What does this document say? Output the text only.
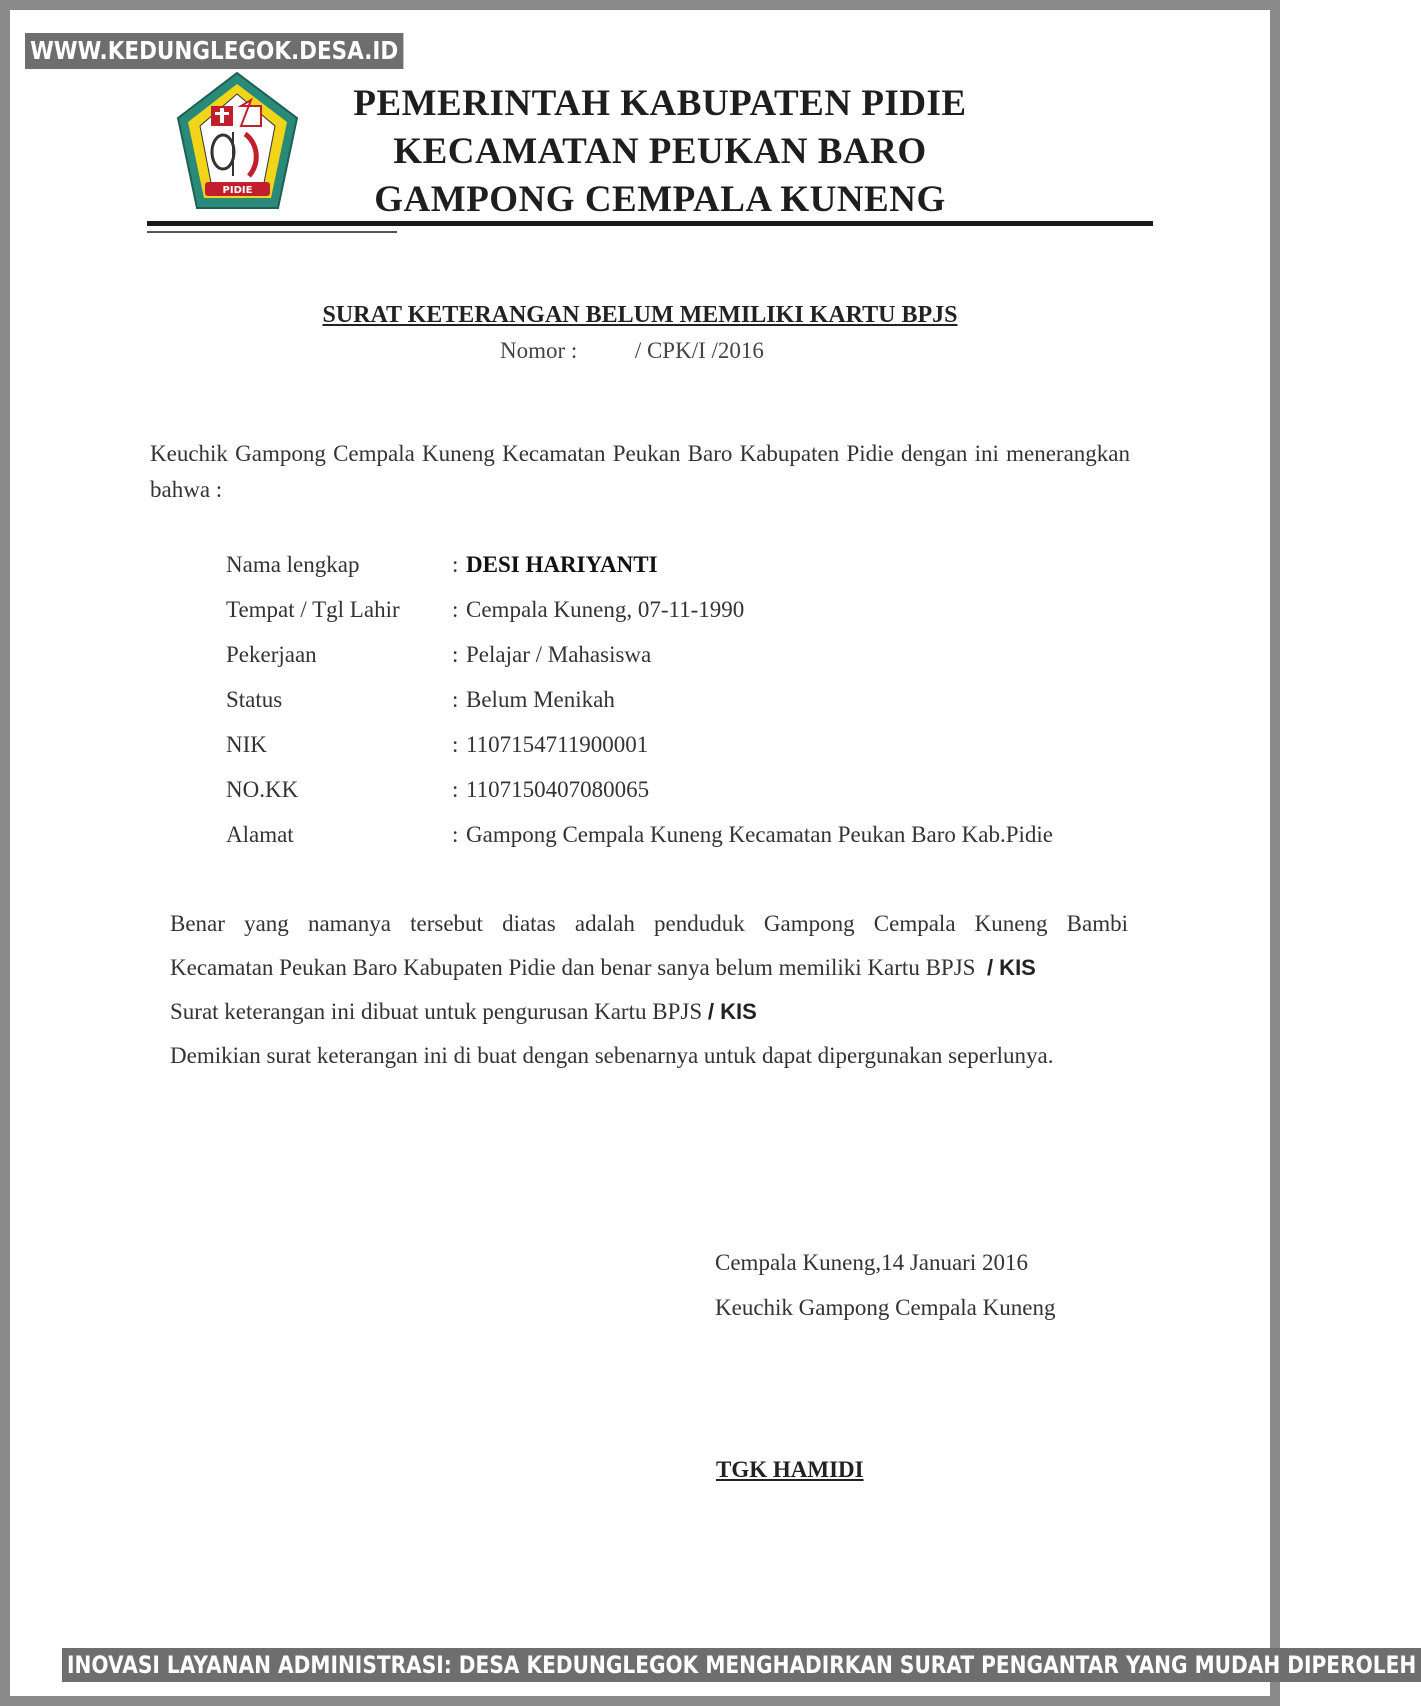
WWW.KEDUNGLEGOK.DESA.ID
PIDIE
PEMERINTAH KABUPATEN PIDIE
KECAMATAN PEUKAN BARO
GAMPONG CEMPALA KUNENG
SURAT KETERANGAN BELUM MEMILIKI KARTU BPJS
Nomor :	/ CPK/I /2016
Keuchik Gampong Cempala Kuneng Kecamatan Peukan Baro Kabupaten Pidie dengan ini menerangkan bahwa :
Nama lengkap	: DESI HARIYANTI
Tempat / Tgl Lahir	: Cempala Kuneng, 07-11-1990
Pekerjaan	: Pelajar / Mahasiswa
Status	: Belum Menikah
NIK	: 1107154711900001
NO.KK	: 1107150407080065
Alamat	: Gampong Cempala Kuneng Kecamatan Peukan Baro Kab.Pidie
Benar yang namanya tersebut diatas adalah penduduk Gampong Cempala Kuneng Bambi
Kecamatan Peukan Baro Kabupaten Pidie dan benar sanya belum memiliki Kartu BPJS / KIS
Surat keterangan ini dibuat untuk pengurusan Kartu BPJS / KIS
Demikian surat keterangan ini di buat dengan sebenarnya untuk dapat dipergunakan seperlunya.
Cempala Kuneng,14 Januari 2016
Keuchik Gampong Cempala Kuneng
TGK HAMIDI
INOVASI LAYANAN ADMINISTRASI: DESA KEDUNGLEGOK MENGHADIRKAN SURAT PENGANTAR YANG MUDAH DIPEROLEH
